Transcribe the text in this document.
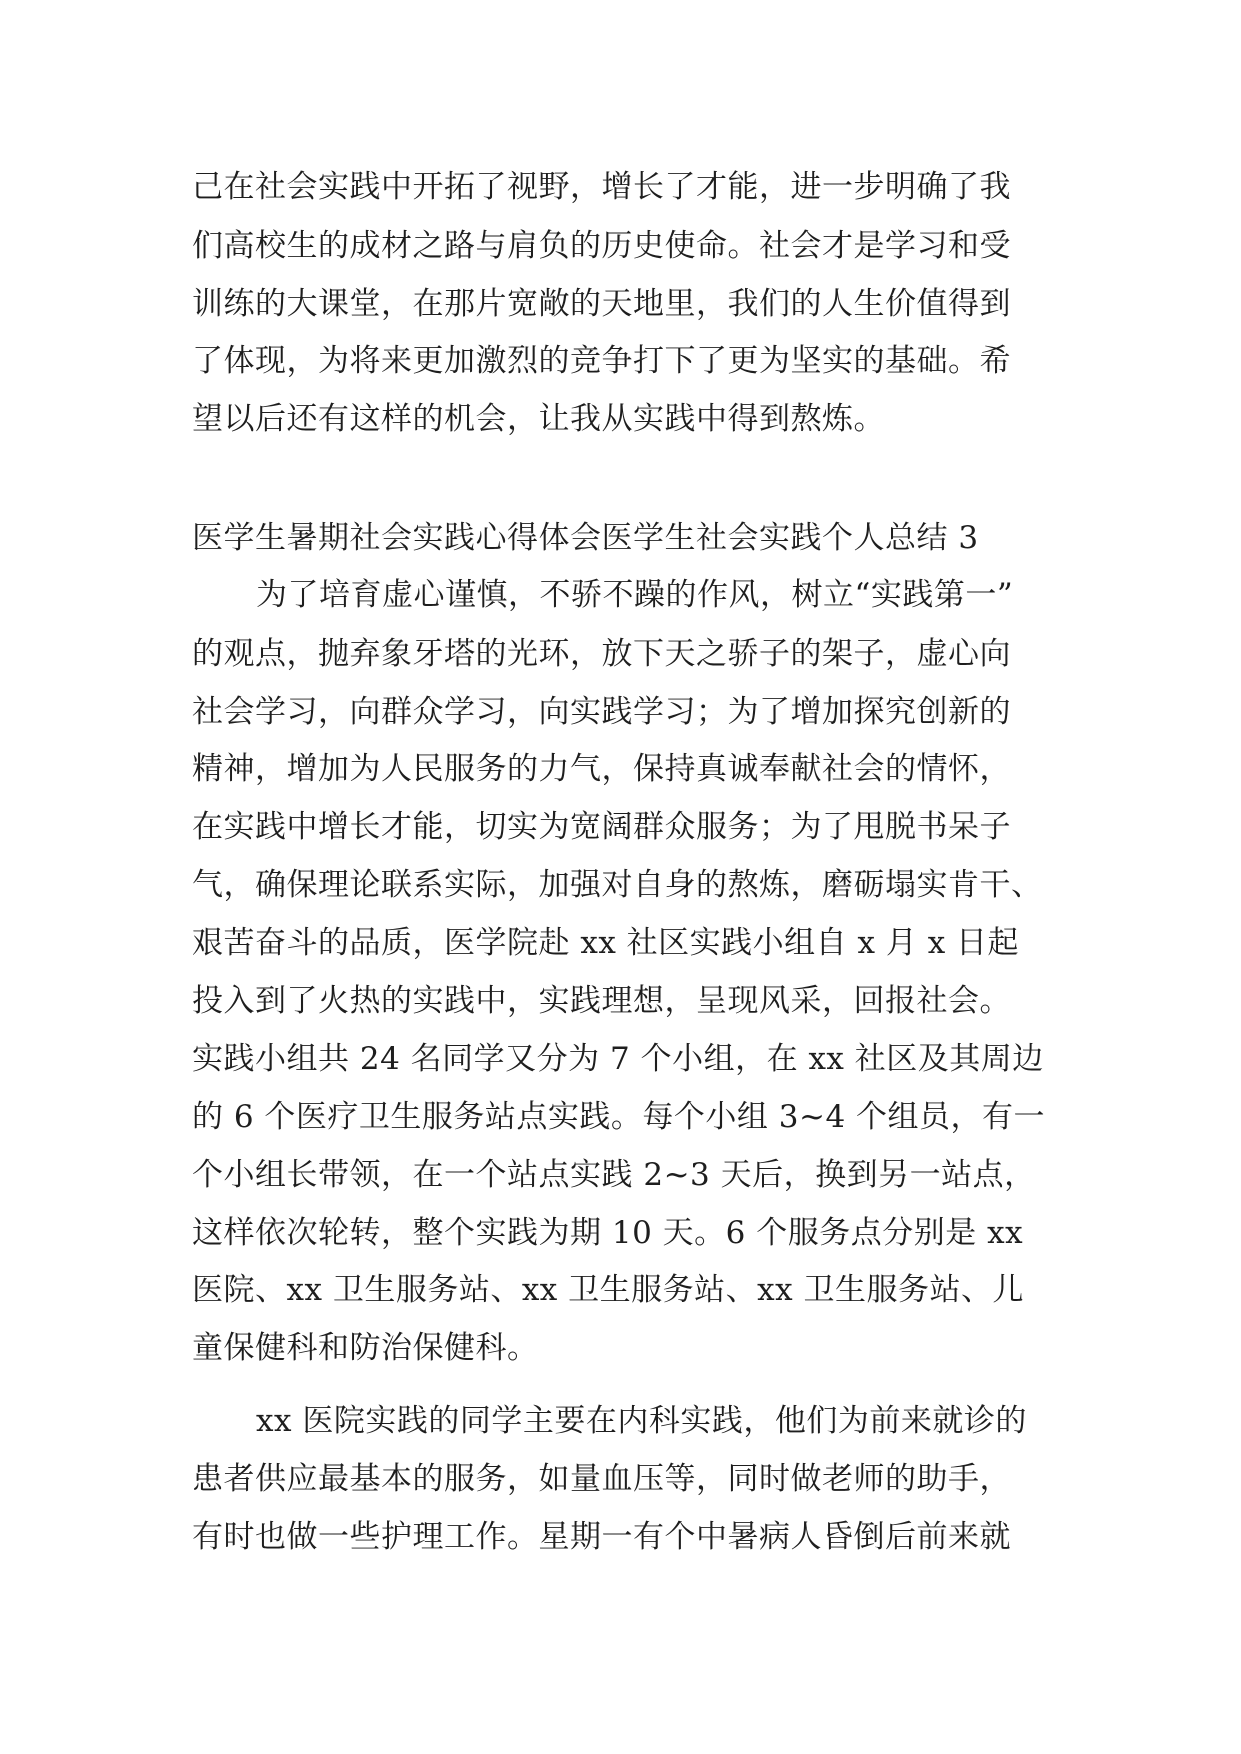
己在社会实践中开拓了视野，增长了才能，进一步明确了我
们高校生的成材之路与肩负的历史使命。社会才是学习和受
训练的大课堂，在那片宽敞的天地里，我们的人生价值得到
了体现，为将来更加激烈的竞争打下了更为坚实的基础。希
望以后还有这样的机会，让我从实践中得到熬炼。
医学生暑期社会实践心得体会医学生社会实践个人总结 3
为了培育虚心谨慎，不骄不躁的作风，树立“实践第一”
的观点，抛弃象牙塔的光环，放下天之骄子的架子，虚心向
社会学习，向群众学习，向实践学习；为了增加探究创新的
精神，增加为人民服务的力气，保持真诚奉献社会的情怀，
在实践中增长才能，切实为宽阔群众服务；为了甩脱书呆子
气，确保理论联系实际，加强对自身的熬炼，磨砺塌实肯干、
艰苦奋斗的品质，医学院赴 xx 社区实践小组自 x 月 x 日起
投入到了火热的实践中，实践理想，呈现风采，回报社会。
实践小组共 24 名同学又分为 7 个小组，在 xx 社区及其周边
的 6 个医疗卫生服务站点实践。每个小组 3~4 个组员，有一
个小组长带领，在一个站点实践 2~3 天后，换到另一站点，
这样依次轮转，整个实践为期 10 天。6 个服务点分别是 xx
医院、xx 卫生服务站、xx 卫生服务站、xx 卫生服务站、儿
童保健科和防治保健科。
xx 医院实践的同学主要在内科实践，他们为前来就诊的
患者供应最基本的服务，如量血压等，同时做老师的助手，
有时也做一些护理工作。星期一有个中暑病人昏倒后前来就
